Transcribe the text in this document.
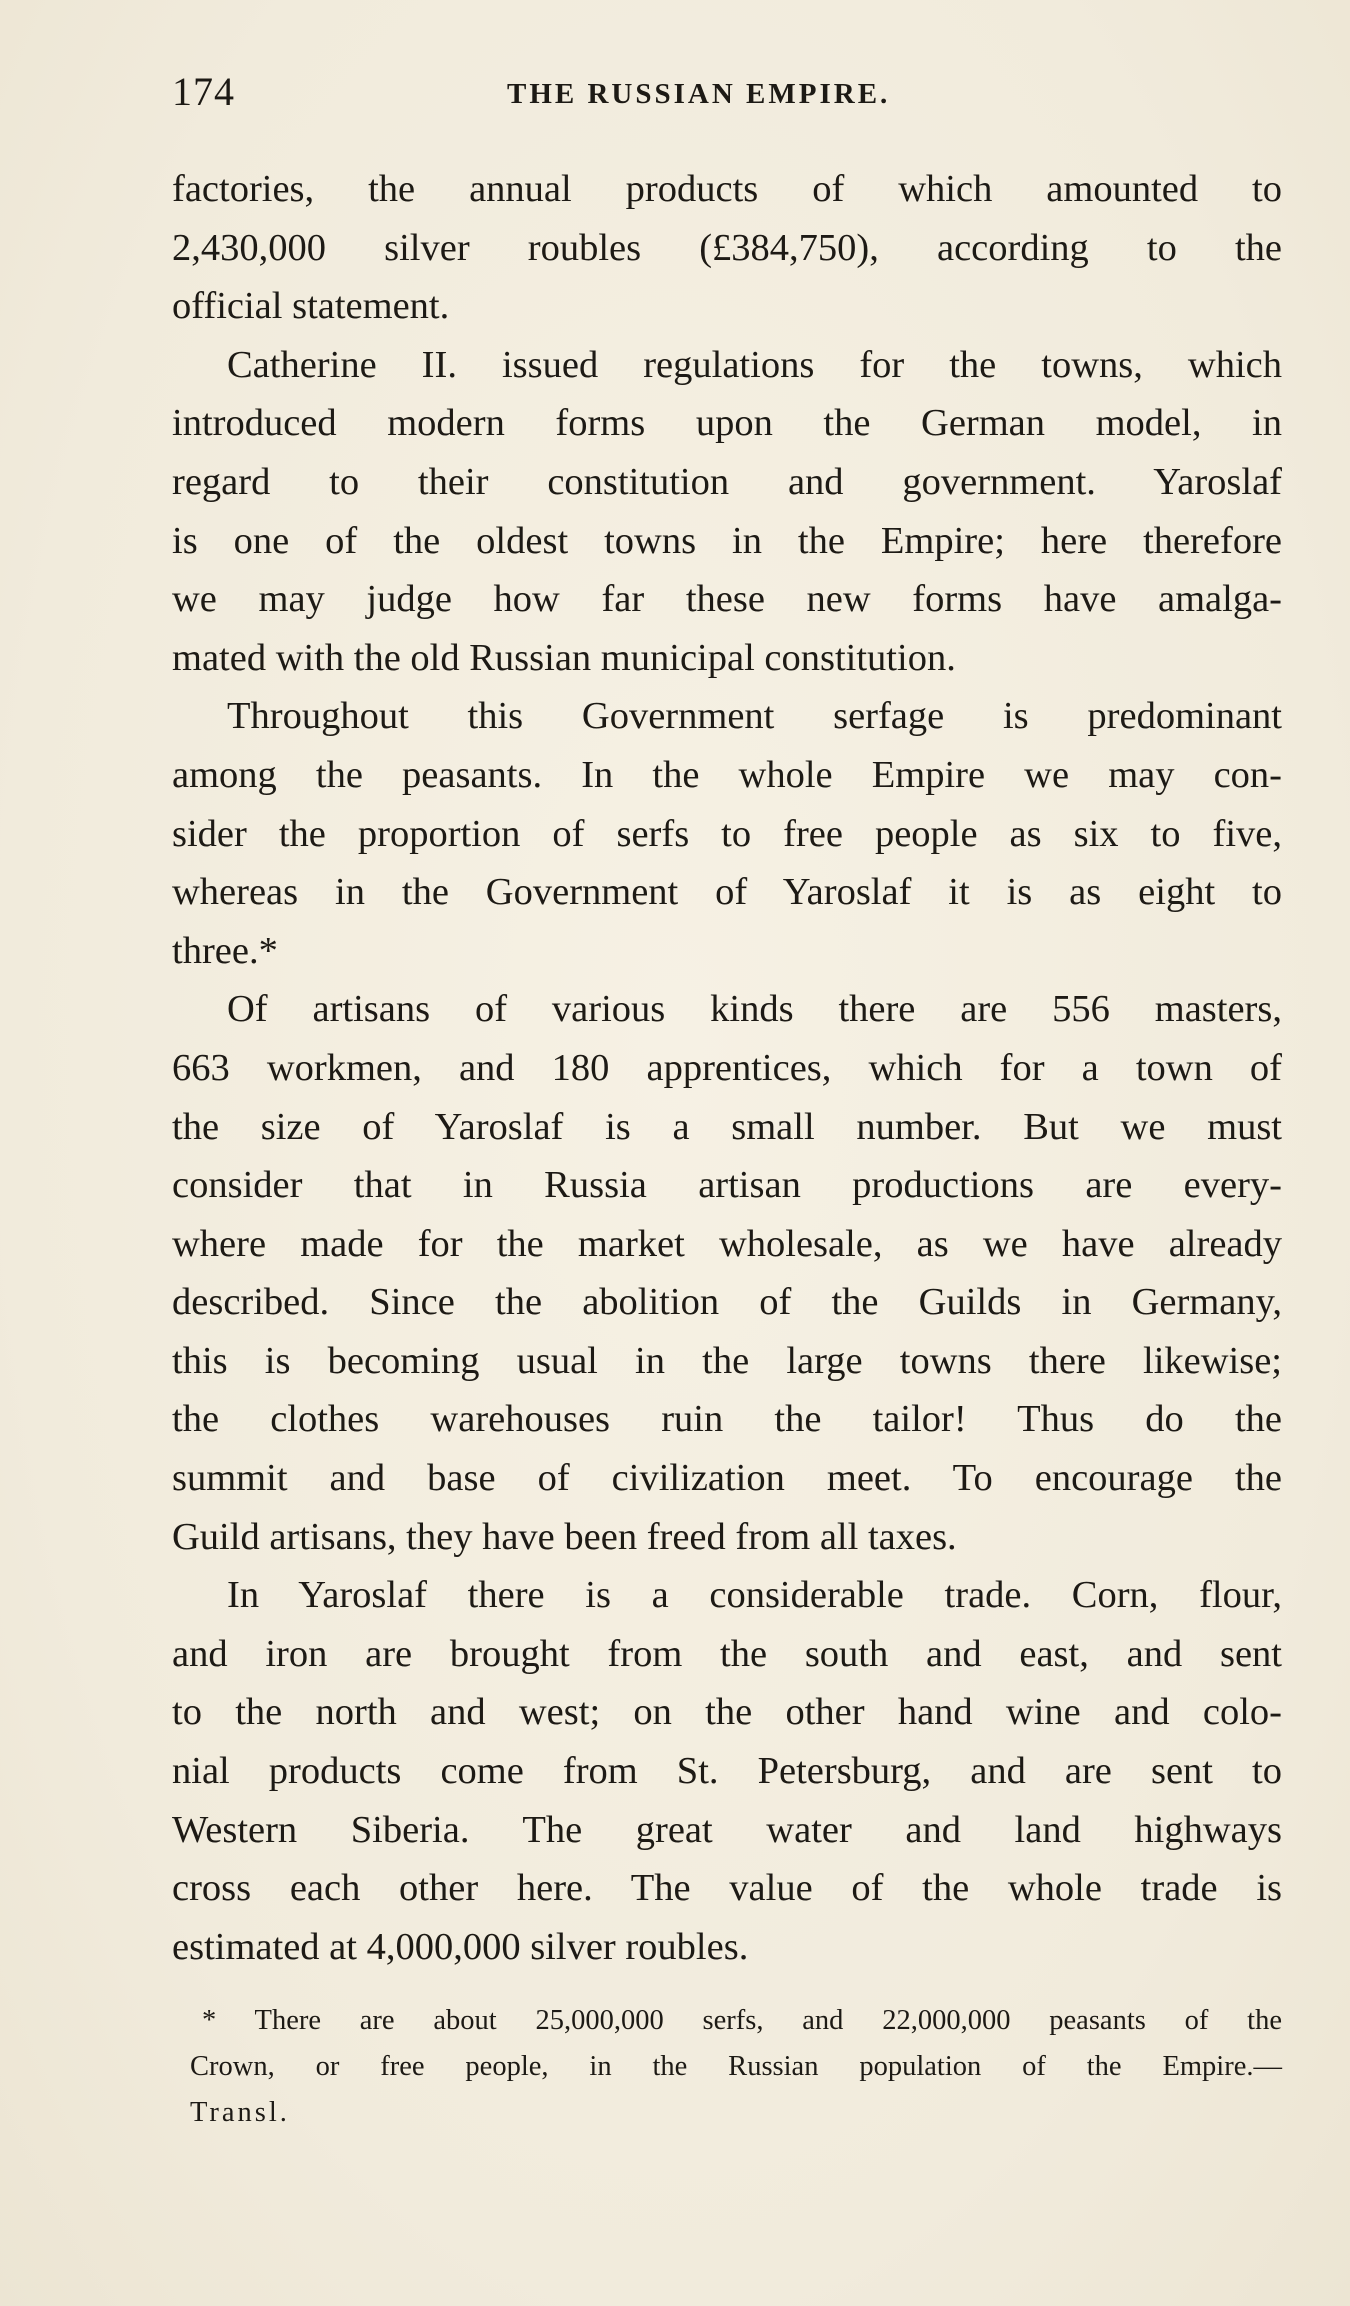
174	THE RUSSIAN EMPIRE.
factories, the annual products of which amounted to
2,430,000 silver roubles (£384,750), according to the
official statement.
Catherine II. issued regulations for the towns, which
introduced modern forms upon the German model, in
regard to their constitution and government. Yaroslaf
is one of the oldest towns in the Empire; here therefore
we may judge how far these new forms have amalga-
mated with the old Russian municipal constitution.
Throughout this Government serfage is predominant
among the peasants. In the whole Empire we may con-
sider the proportion of serfs to free people as six to five,
whereas in the Government of Yaroslaf it is as eight to
three.*
Of artisans of various kinds there are 556 masters,
663 workmen, and 180 apprentices, which for a town of
the size of Yaroslaf is a small number. But we must
consider that in Russia artisan productions are every-
where made for the market wholesale, as we have already
described. Since the abolition of the Guilds in Germany,
this is becoming usual in the large towns there likewise;
the clothes warehouses ruin the tailor! Thus do the
summit and base of civilization meet. To encourage the
Guild artisans, they have been freed from all taxes.
In Yaroslaf there is a considerable trade. Corn, flour,
and iron are brought from the south and east, and sent
to the north and west; on the other hand wine and colo-
nial products come from St. Petersburg, and are sent to
Western Siberia. The great water and land highways
cross each other here. The value of the whole trade is
estimated at 4,000,000 silver roubles.
* There are about 25,000,000 serfs, and 22,000,000 peasants of the
Crown, or free people, in the Russian population of the Empire.—
Transl.
